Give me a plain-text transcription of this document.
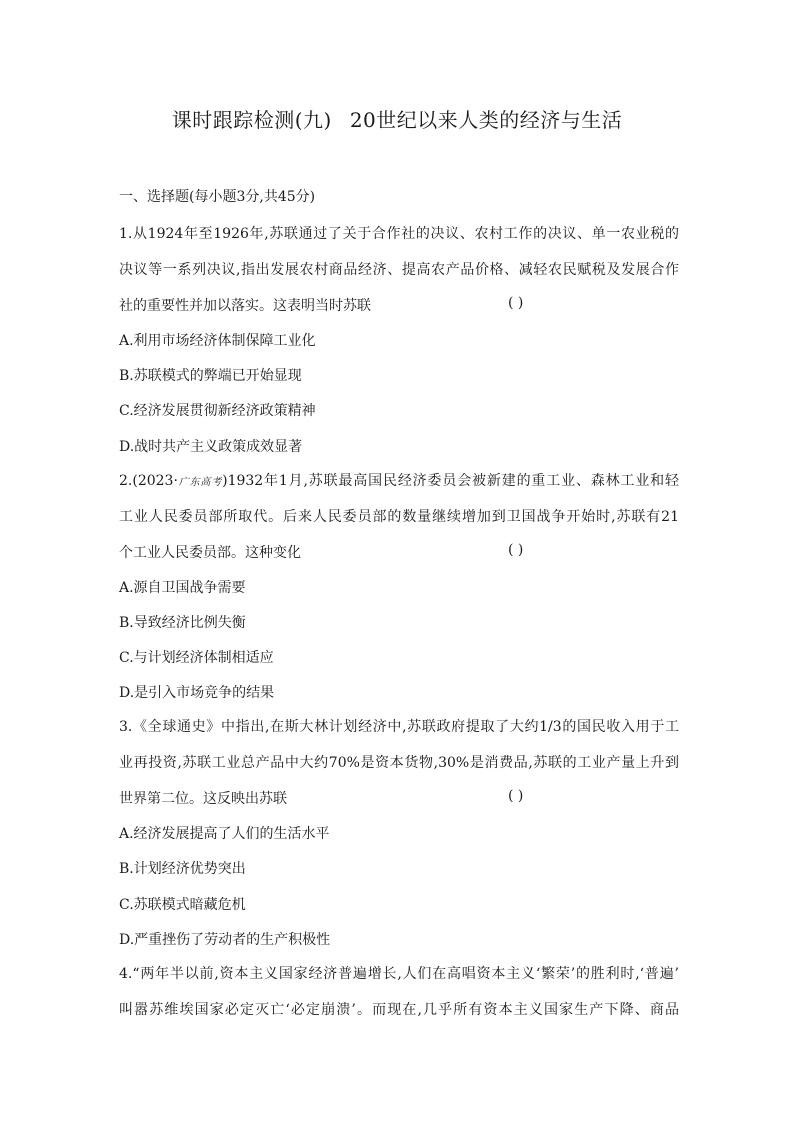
课时跟踪检测(九) 20世纪以来人类的经济与生活
一、选择题(每小题3分,共45分)
1.从1924年至1926年,苏联通过了关于合作社的决议、农村工作的决议、单一农业税的
决议等一系列决议,指出发展农村商品经济、提高农产品价格、减轻农民赋税及发展合作
社的重要性并加以落实。这表明当时苏联	( )
A.利用市场经济体制保障工业化
B.苏联模式的弊端已开始显现
C.经济发展贯彻新经济政策精神
D.战时共产主义政策成效显著
2.(2023·广东高考)1932年1月,苏联最高国民经济委员会被新建的重工业、森林工业和轻
工业人民委员部所取代。后来人民委员部的数量继续增加到卫国战争开始时,苏联有21
个工业人民委员部。这种变化	( )
A.源自卫国战争需要
B.导致经济比例失衡
C.与计划经济体制相适应
D.是引入市场竞争的结果
3.《全球通史》中指出,在斯大林计划经济中,苏联政府提取了大约1/3的国民收入用于工
业再投资,苏联工业总产品中大约70%是资本货物,30%是消费品,苏联的工业产量上升到
世界第二位。这反映出苏联	( )
A.经济发展提高了人们的生活水平
B.计划经济优势突出
C.苏联模式暗藏危机
D.严重挫伤了劳动者的生产积极性
4.“两年半以前,资本主义国家经济普遍增长,人们在高唱资本主义‘繁荣’的胜利时,‘普遍’
叫嚣苏维埃国家必定灭亡‘必定崩溃’。而现在,几乎所有资本主义国家生产下降、商品
